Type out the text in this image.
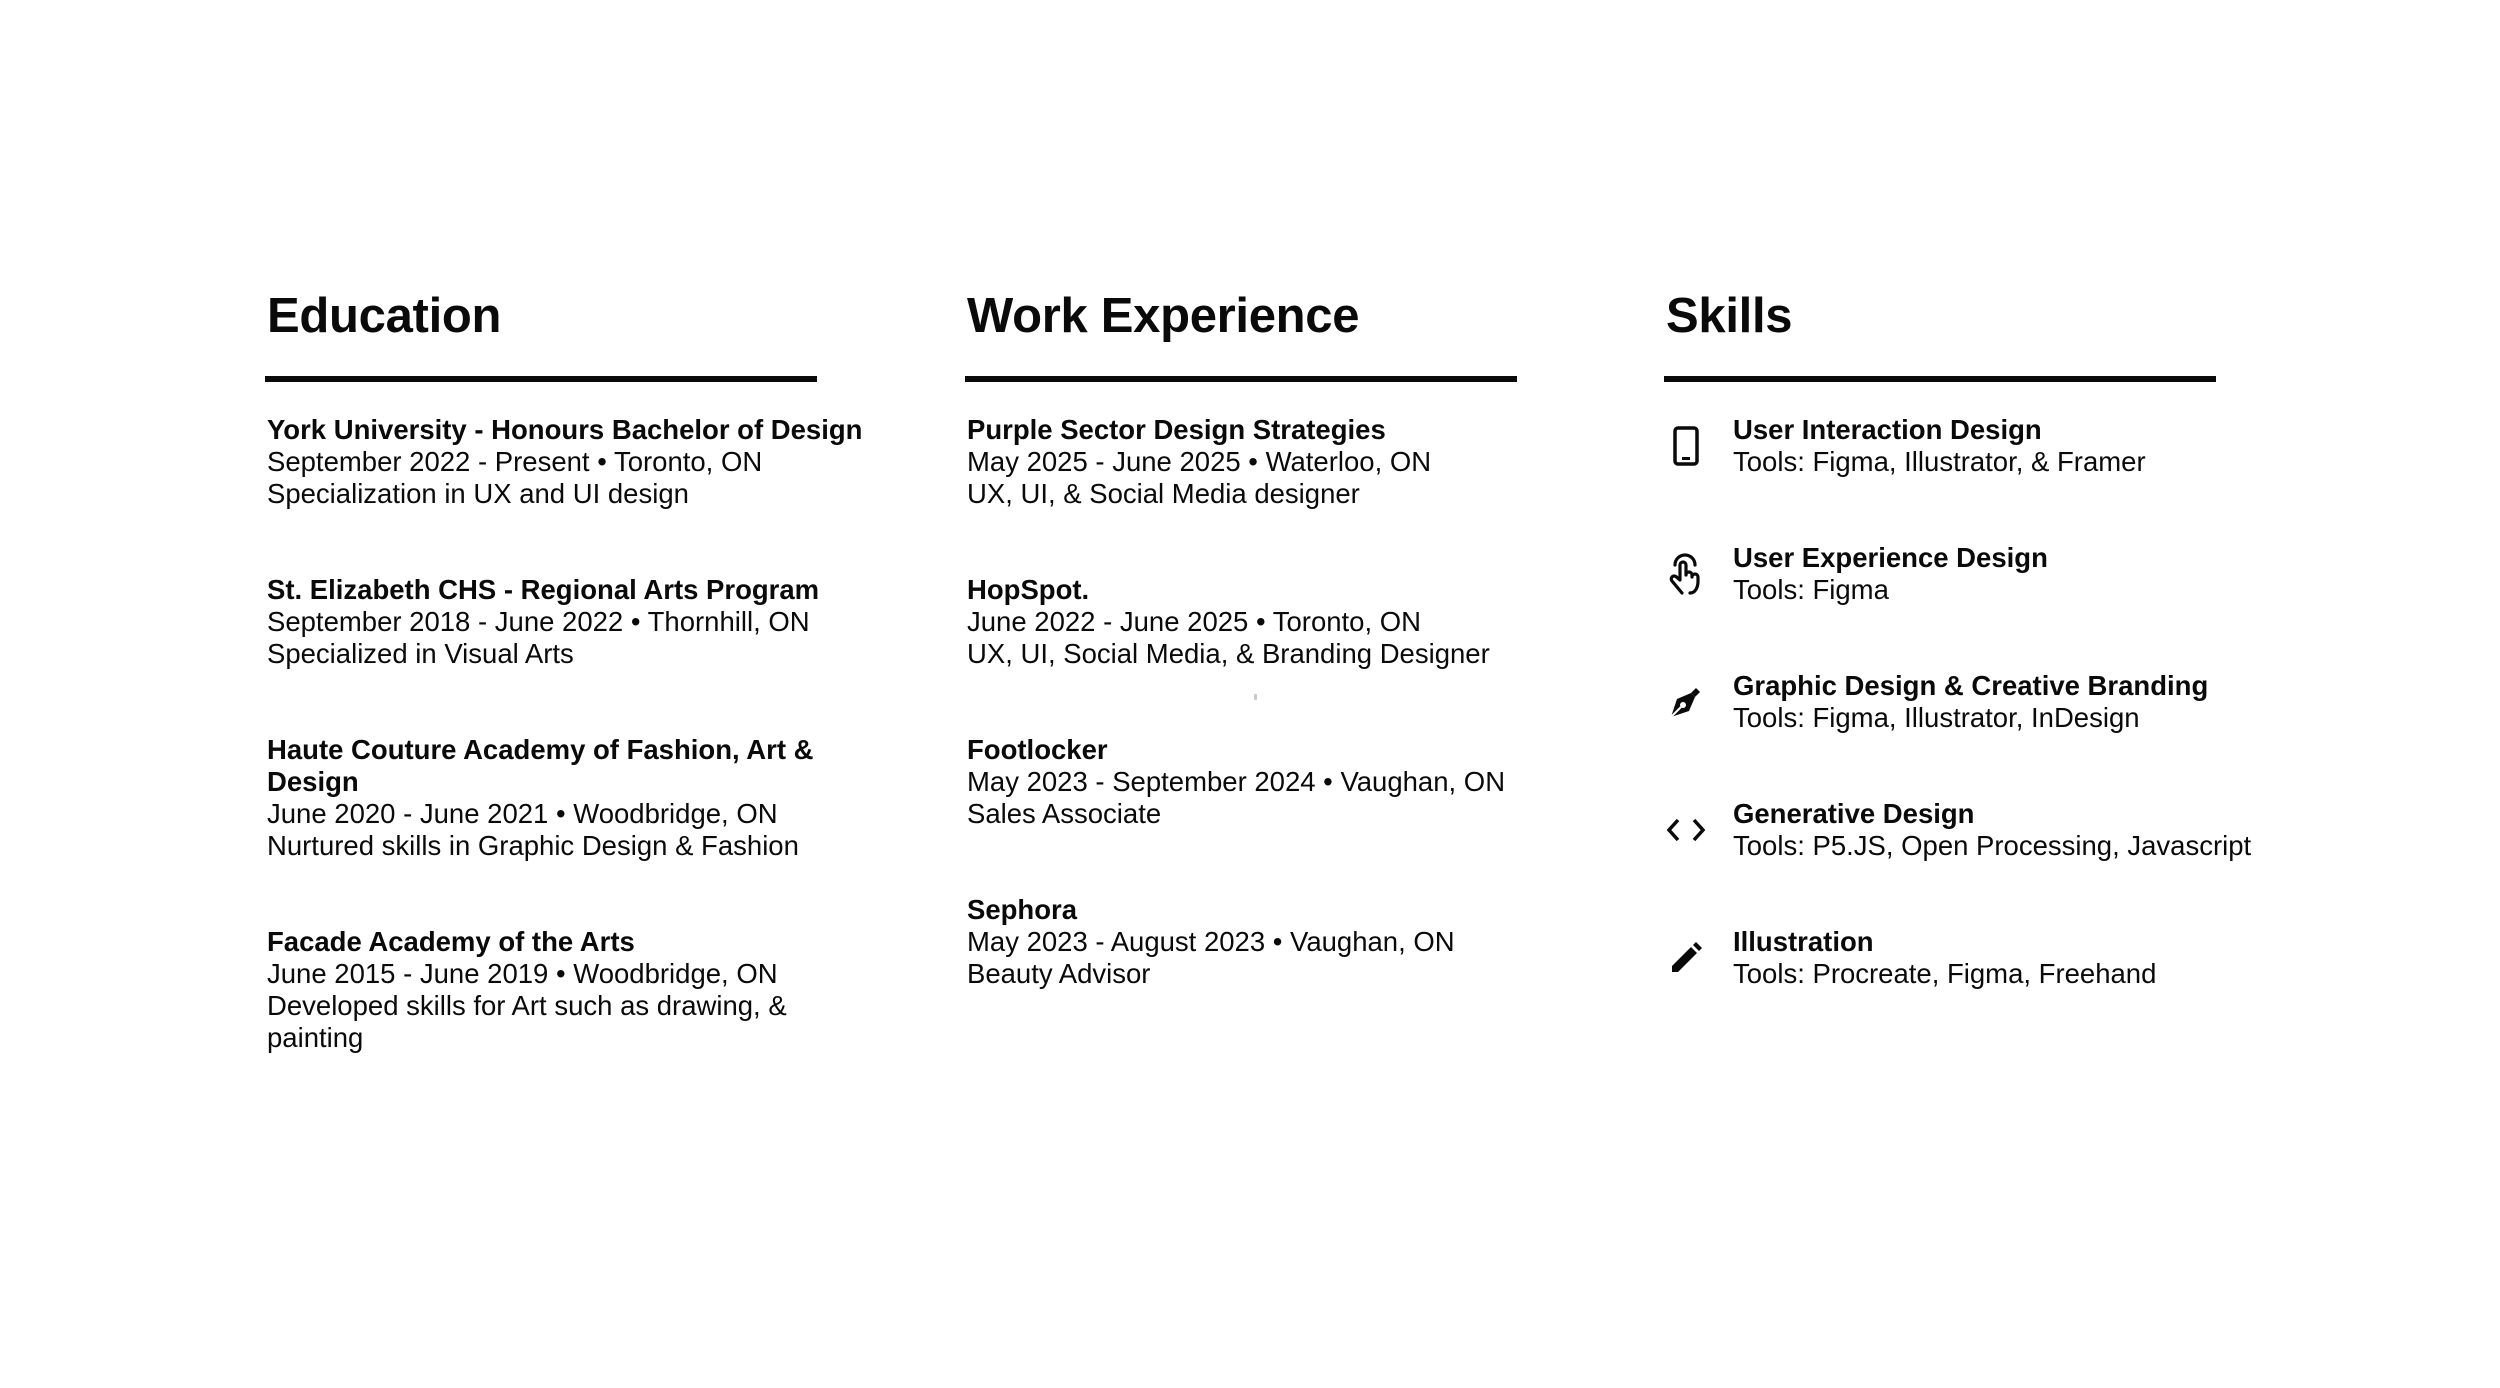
Education
York University - Honours Bachelor of Design
September 2022 - Present • Toronto, ON
Specialization in UX and UI design
St. Elizabeth CHS - Regional Arts Program
September 2018 - June 2022 • Thornhill, ON
Specialized in Visual Arts
Haute Couture Academy of Fashion, Art &
Design
June 2020 - June 2021 • Woodbridge, ON
Nurtured skills in Graphic Design & Fashion
Facade Academy of the Arts
June 2015 - June 2019 • Woodbridge, ON
Developed skills for Art such as drawing, &
painting
Work Experience
Purple Sector Design Strategies
May 2025 - June 2025 • Waterloo, ON
UX, UI, & Social Media designer
HopSpot.
June 2022 - June 2025 • Toronto, ON
UX, UI, Social Media, & Branding Designer
Footlocker
May 2023 - September 2024 • Vaughan, ON
Sales Associate
Sephora
May 2023 - August 2023 • Vaughan, ON
Beauty Advisor
Skills
User Interaction Design
Tools: Figma, Illustrator, & Framer
User Experience Design
Tools: Figma
Graphic Design & Creative Branding
Tools: Figma, Illustrator, InDesign
Generative Design
Tools: P5.JS, Open Processing, Javascript
Illustration
Tools: Procreate, Figma, Freehand
